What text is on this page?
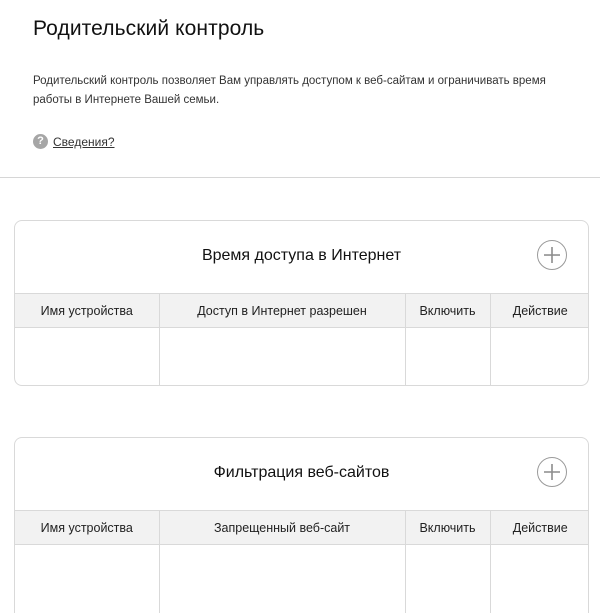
Родительский контроль

Родительский контроль позволяет Вам управлять доступом к веб-сайтам и ограничивать время работы в Интернете Вашей семьи.

? Сведения?
Время доступа в Интернет
Имя устройства	Доступ в Интернет разрешен	Включить	Действие

Фильтрация веб-сайтов
Имя устройства	Запрещенный веб-сайт	Включить	Действие
